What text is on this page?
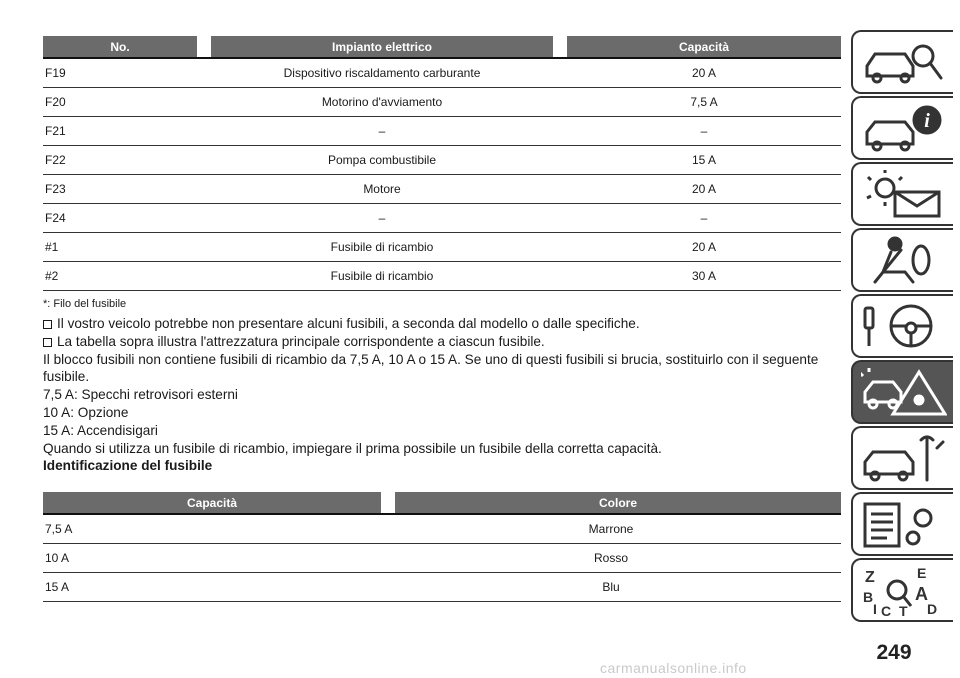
No.		Impianto elettrico		Capacità
F19	Dispositivo riscaldamento carburante			20 A
F20	Motorino d'avviamento			7,5 A
F21	–			–
F22	Pompa combustibile			15 A
F23	Motore			20 A
F24	–			–
#1	Fusibile di ricambio			20 A
#2	Fusibile di ricambio			30 A
*: Filo del fusibile

Il vostro veicolo potrebbe non presentare alcuni fusibili, a seconda dal modello o dalle specifiche.

La tabella sopra illustra l'attrezzatura principale corrispondente a ciascun fusibile.

Il blocco fusibili non contiene fusibili di ricambio da 7,5 A, 10 A o 15 A. Se uno di questi fusibili si brucia, sostituirlo con il seguente fusibile.

7,5 A: Specchi retrovisori esterni

10 A: Opzione

15 A: Accendisigari

Quando si utilizza un fusibile di ricambio, impiegare il prima possibile un fusibile della corretta capacità.

Identificazione del fusibile

Capacità		Colore
7,5 A	Marrone	
10 A	Rosso	
15 A	Blu	
i
Z	E
B A
C T D
I
249
carmanualsonline.info
